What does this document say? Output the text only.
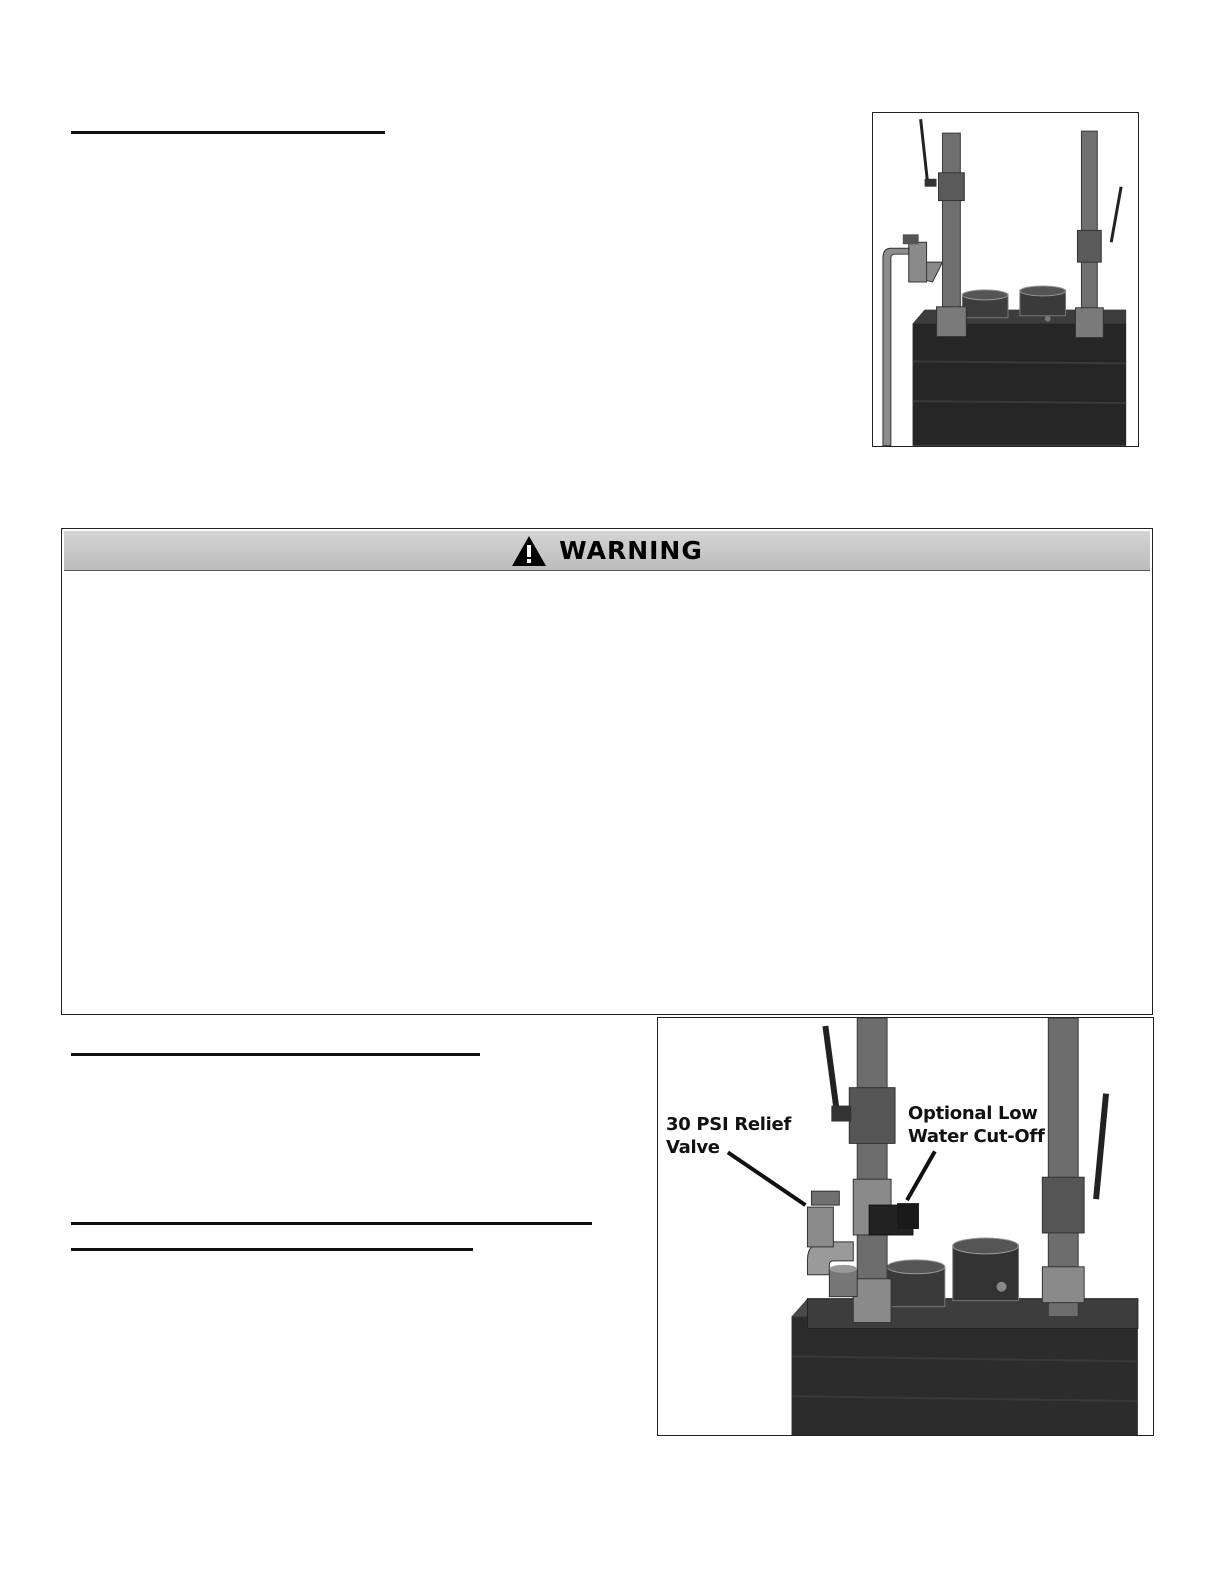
WARNING
30 PSI Relief
Valve
Optional Low
Water Cut-Off
